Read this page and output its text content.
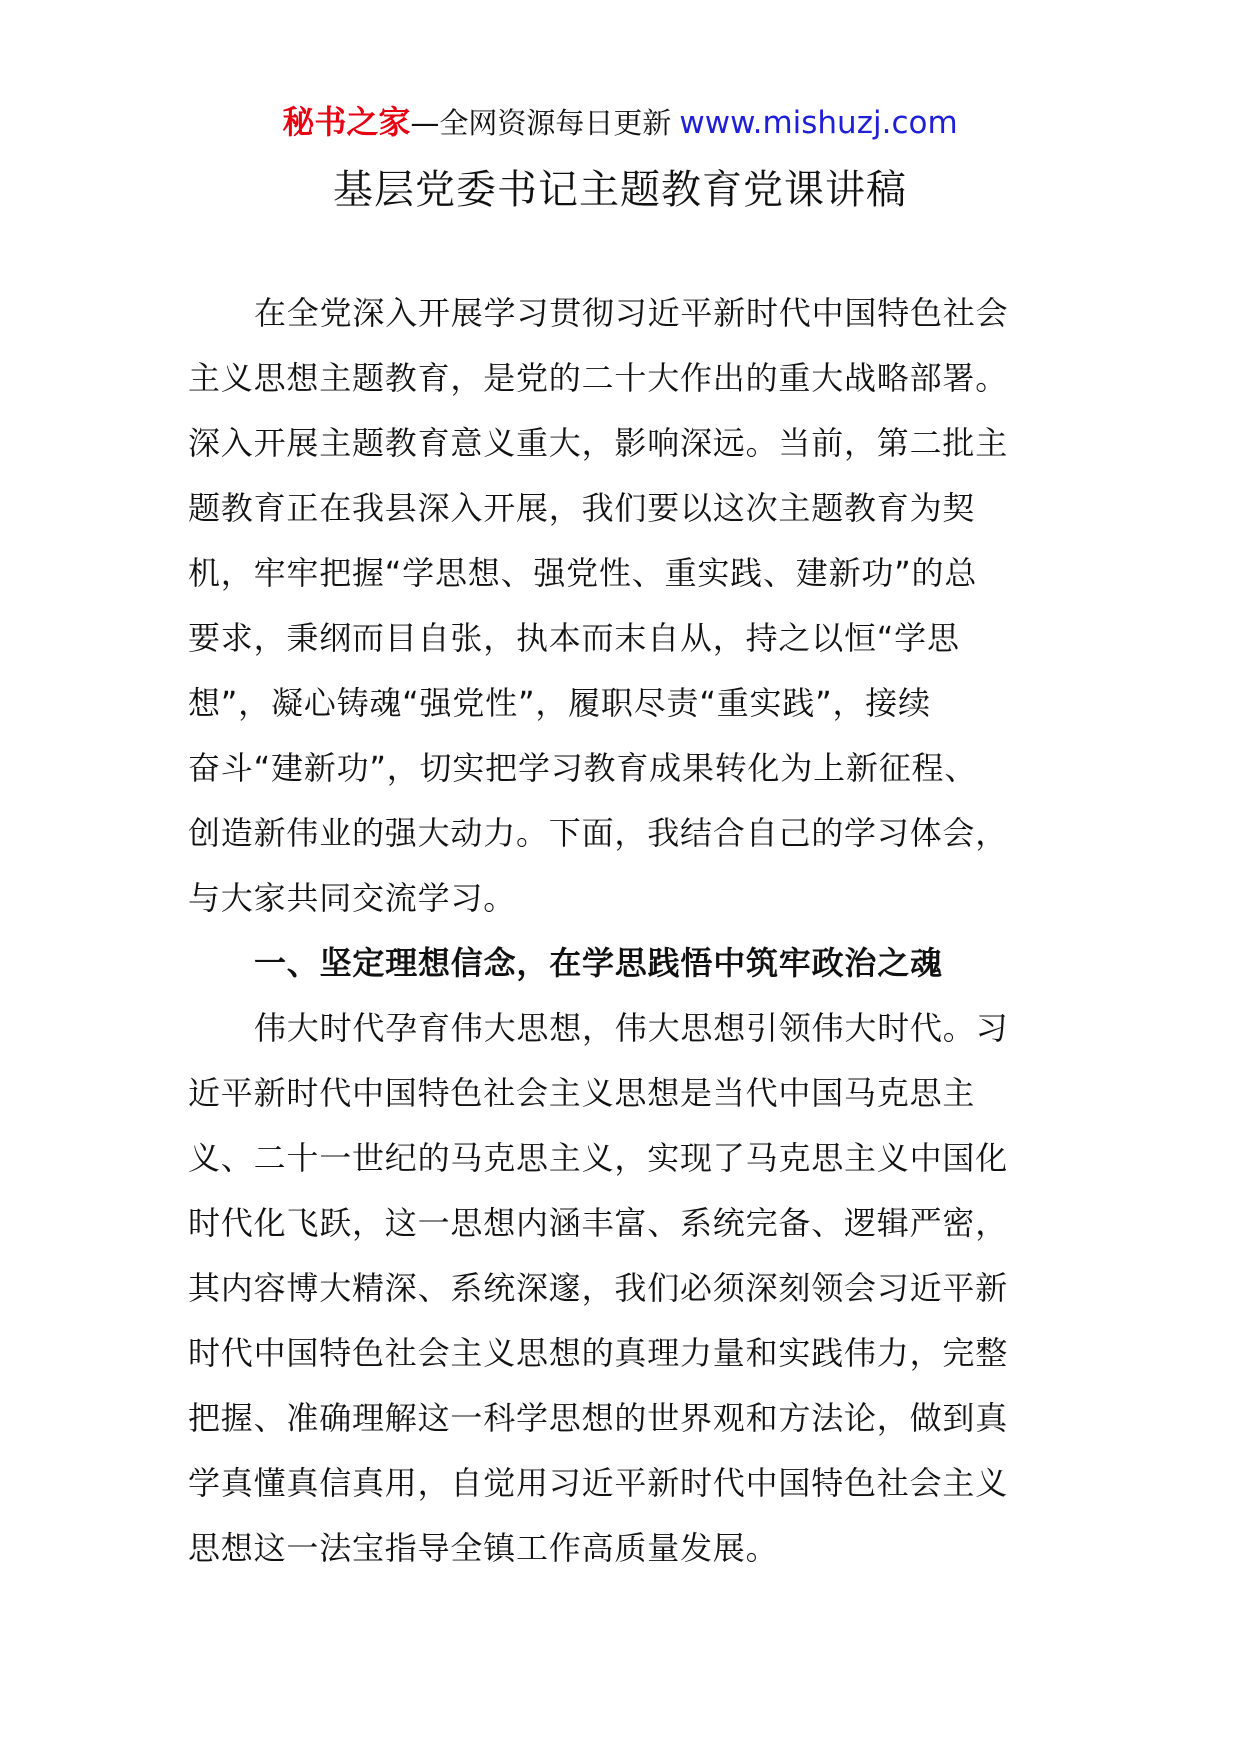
秘书之家—全网资源每日更新 www.mishuzj.com
基层党委书记主题教育党课讲稿
在全党深入开展学习贯彻习近平新时代中国特色社会
主义思想主题教育，是党的二十大作出的重大战略部署。
深入开展主题教育意义重大，影响深远。当前，第二批主
题教育正在我县深入开展，我们要以这次主题教育为契
机，牢牢把握“学思想、强党性、重实践、建新功”的总
要求，秉纲而目自张，执本而末自从，持之以恒“学思
想”，凝心铸魂“强党性”，履职尽责“重实践”，接续
奋斗“建新功”，切实把学习教育成果转化为上新征程、
创造新伟业的强大动力。下面，我结合自己的学习体会，
与大家共同交流学习。
一、坚定理想信念，在学思践悟中筑牢政治之魂
伟大时代孕育伟大思想，伟大思想引领伟大时代。习
近平新时代中国特色社会主义思想是当代中国马克思主
义、二十一世纪的马克思主义，实现了马克思主义中国化
时代化飞跃，这一思想内涵丰富、系统完备、逻辑严密，
其内容博大精深、系统深邃，我们必须深刻领会习近平新
时代中国特色社会主义思想的真理力量和实践伟力，完整
把握、准确理解这一科学思想的世界观和方法论，做到真
学真懂真信真用，自觉用习近平新时代中国特色社会主义
思想这一法宝指导全镇工作高质量发展。
